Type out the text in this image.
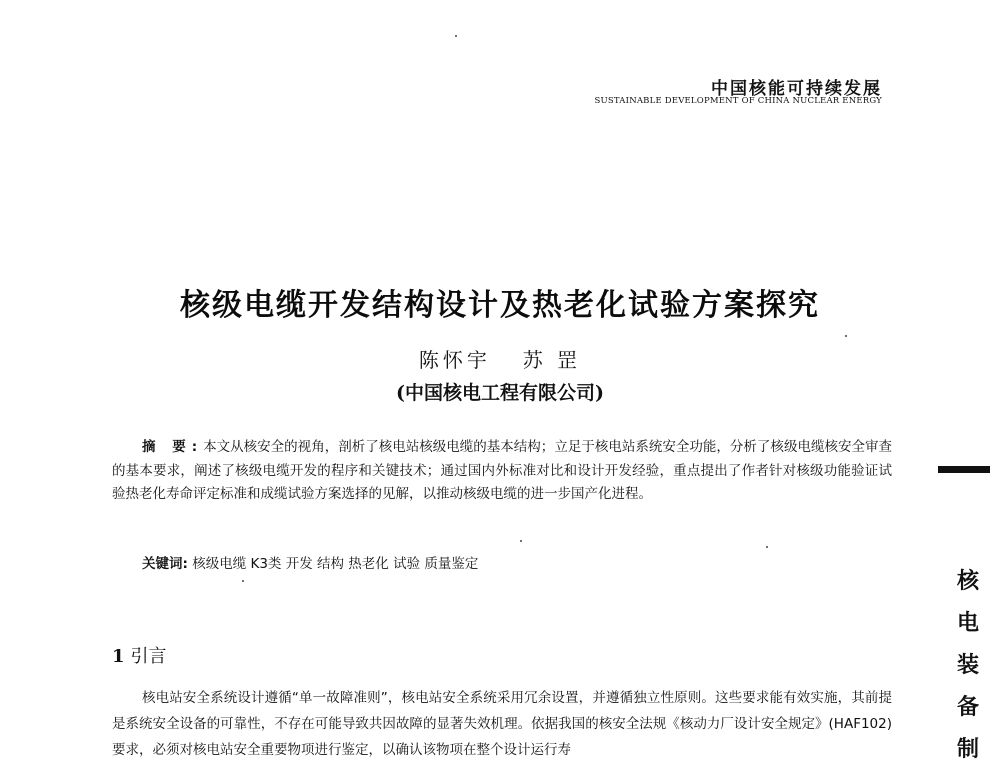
中国核能可持续发展
SUSTAINABLE DEVELOPMENT OF CHINA NUCLEAR ENERGY
核级电缆开发结构设计及热老化试验方案探究
陈怀宇 苏 罡
(中国核电工程有限公司)
摘 要:本文从核安全的视角，剖析了核电站核级电缆的基本结构；立足于核电站系统安全功能，分析了核级电缆核安全审查的基本要求，阐述了核级电缆开发的程序和关键技术；通过国内外标准对比和设计开发经验，重点提出了作者针对核级功能验证试验热老化寿命评定标准和成缆试验方案选择的见解，以推动核级电缆的进一步国产化进程。
关键词: 核级电缆 K3类 开发 结构 热老化 试验 质量鉴定
1 引言
核电站安全系统设计遵循“单一故障准则”，核电站安全系统采用冗余设置，并遵循独立性原则。这些要求能有效实施，其前提是系统安全设备的可靠性，不存在可能导致共因故障的显著失效机理。依据我国的核安全法规《核动力厂设计安全规定》(HAF102)要求，必须对核电站安全重要物项进行鉴定，以确认该物项在整个设计运行寿
核
电
装
备
制
